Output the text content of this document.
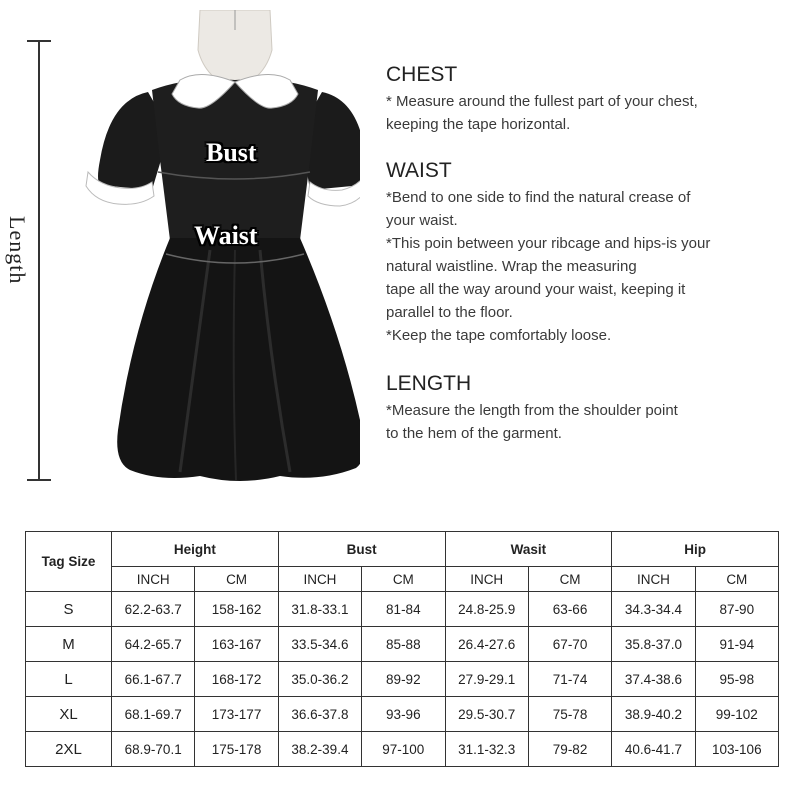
Length
Bust
Waist
CHEST

* Measure around the fullest part of your chest,

keeping the tape horizontal.

WAIST

*Bend to one side to find the natural crease of

your waist.

*This poin between your ribcage and hips-is your

natural waistline. Wrap the measuring

tape all the way around your waist, keeping it

parallel to the floor.

*Keep the tape comfortably loose.

LENGTH

*Measure the length from the shoulder point

to the hem of the garment.

Tag Size	Height		Bust		Wasit		Hip	
	INCH	CM	INCH	CM	INCH	CM	INCH	CM
S	62.2-63.7	158-162	31.8-33.1	81-84	24.8-25.9	63-66	34.3-34.4	87-90
M	64.2-65.7	163-167	33.5-34.6	85-88	26.4-27.6	67-70	35.8-37.0	91-94
L	66.1-67.7	168-172	35.0-36.2	89-92	27.9-29.1	71-74	37.4-38.6	95-98
XL	68.1-69.7	173-177	36.6-37.8	93-96	29.5-30.7	75-78	38.9-40.2	99-102
2XL	68.9-70.1	175-178	38.2-39.4	97-100	31.1-32.3	79-82	40.6-41.7	103-106
